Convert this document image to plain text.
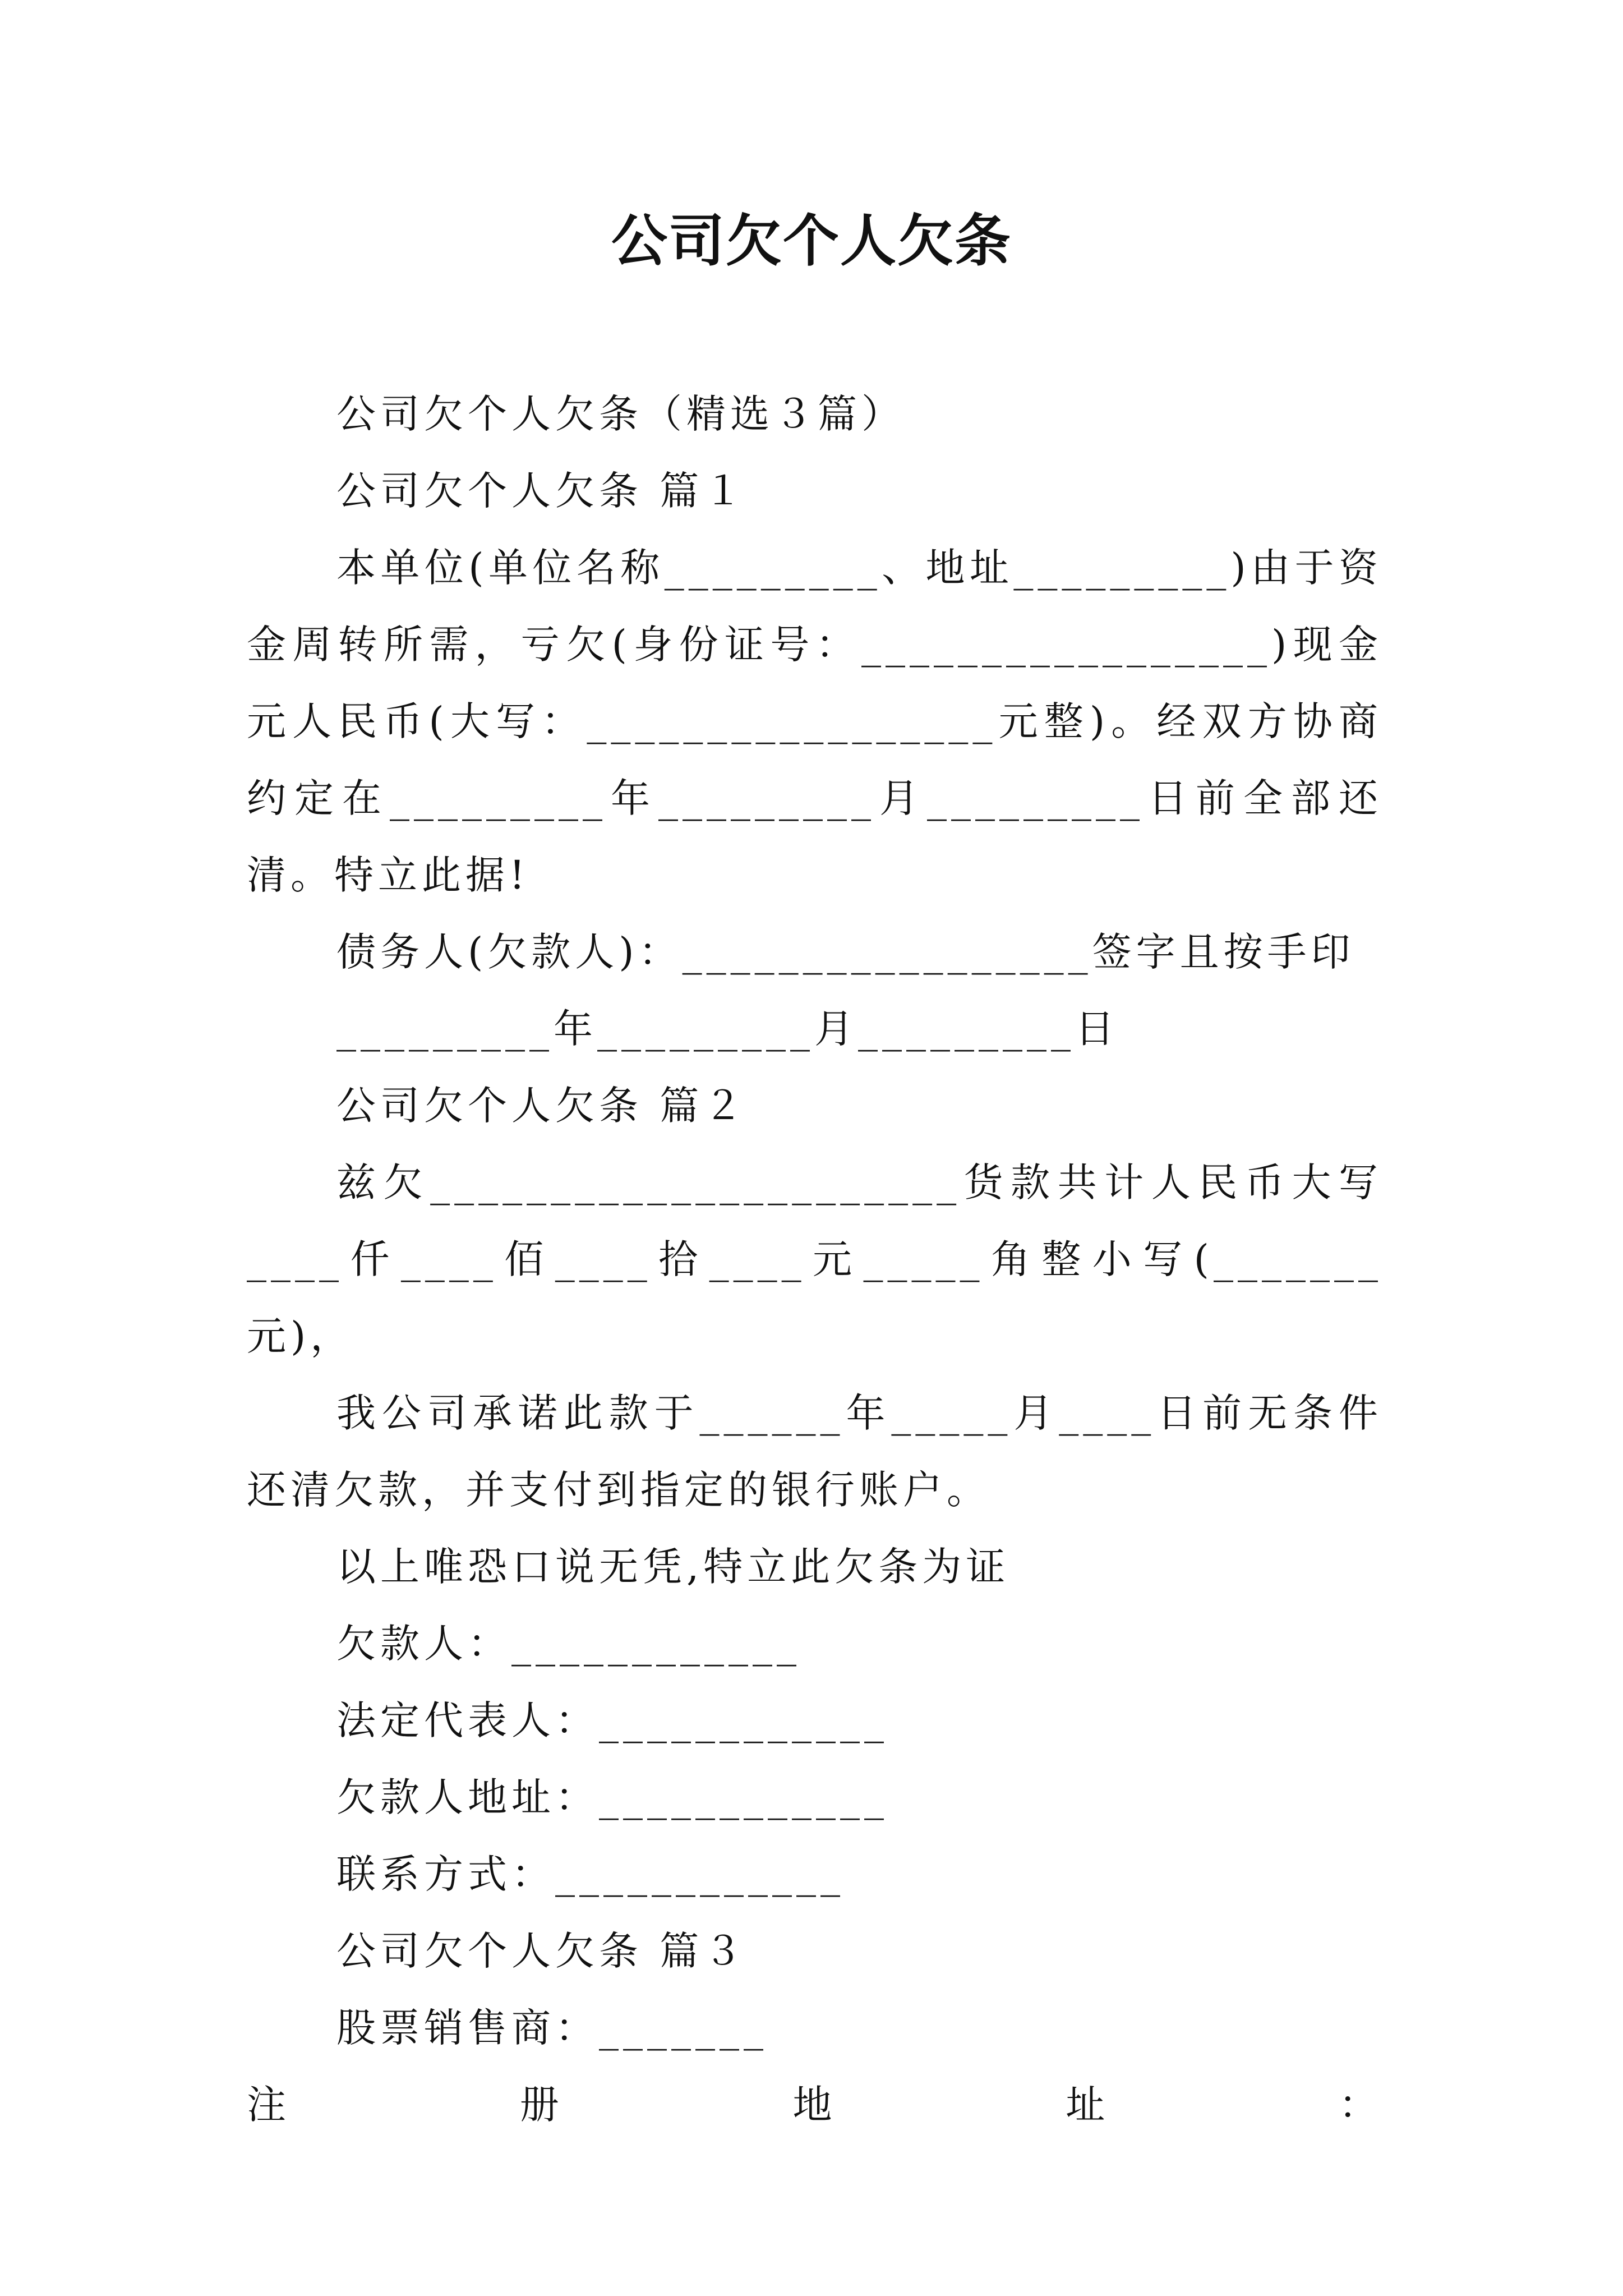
公司欠个人欠条

公司欠个人欠条（精选３篇）

公司欠个人欠条 篇１

本单位(单位名称_________、地址_________)由于资金周转所需，亏欠(身份证号：_________________)现金元人民币(大写：_________________元整)。经双方协商约定在_________年_________月_________日前全部还清。特立此据!

债务人(欠款人)：_________________签字且按手印

_________年_________月_________日

公司欠个人欠条 篇２

兹欠______________________货款共计人民币大写____仟____佰____拾____元_____角整小写(_______元)，

我公司承诺此款于______年_____月____日前无条件还清欠款，并支付到指定的银行账户。

以上唯恐口说无凭,特立此欠条为证

欠款人：____________

法定代表人：____________

欠款人地址：____________

联系方式：____________

公司欠个人欠条 篇３

股票销售商：_______

注	册	地	址	：
